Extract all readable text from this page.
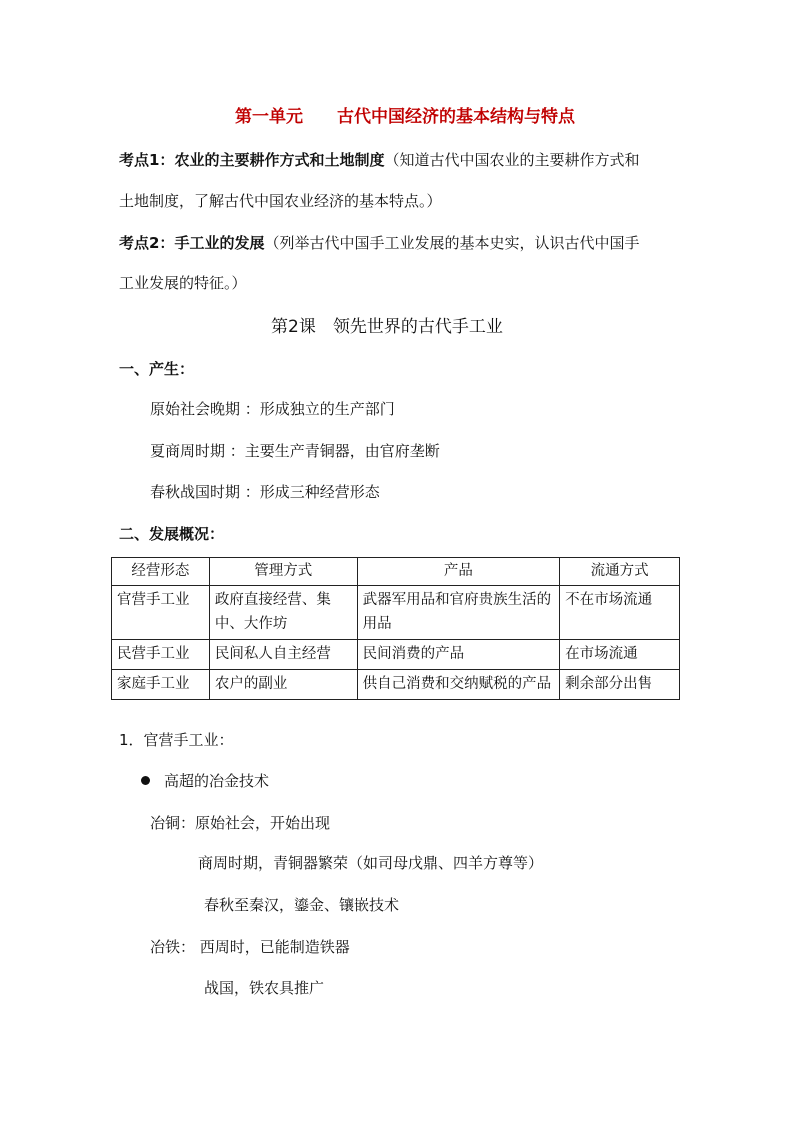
第一单元 古代中国经济的基本结构与特点
考点1：农业的主要耕作方式和土地制度（知道古代中国农业的主要耕作方式和
土地制度，了解古代中国农业经济的基本特点。）
考点2：手工业的发展（列举古代中国手工业发展的基本史实，认识古代中国手
工业发展的特征。）
第2课　领先世界的古代手工业
一、产生：
原始社会晚期 ：形成独立的生产部门
夏商周时期 ：主要生产青铜器，由官府垄断
春秋战国时期 ：形成三种经营形态
二、发展概况：
经营形态	管理方式	产品	流通方式
官营手工业	政府直接经营、集中、大作坊	武器军用品和官府贵族生活的用品	不在市场流通
民营手工业	民间私人自主经营	民间消费的产品	在市场流通
家庭手工业	农户的副业	供自己消费和交纳赋税的产品	剩余部分出售
1．官营手工业：
高超的冶金技术
冶铜：原始社会，开始出现
商周时期，青铜器繁荣（如司母戊鼎、四羊方尊等）
春秋至秦汉，鎏金、镶嵌技术
冶铁： 西周时，已能制造铁器
战国，铁农具推广
